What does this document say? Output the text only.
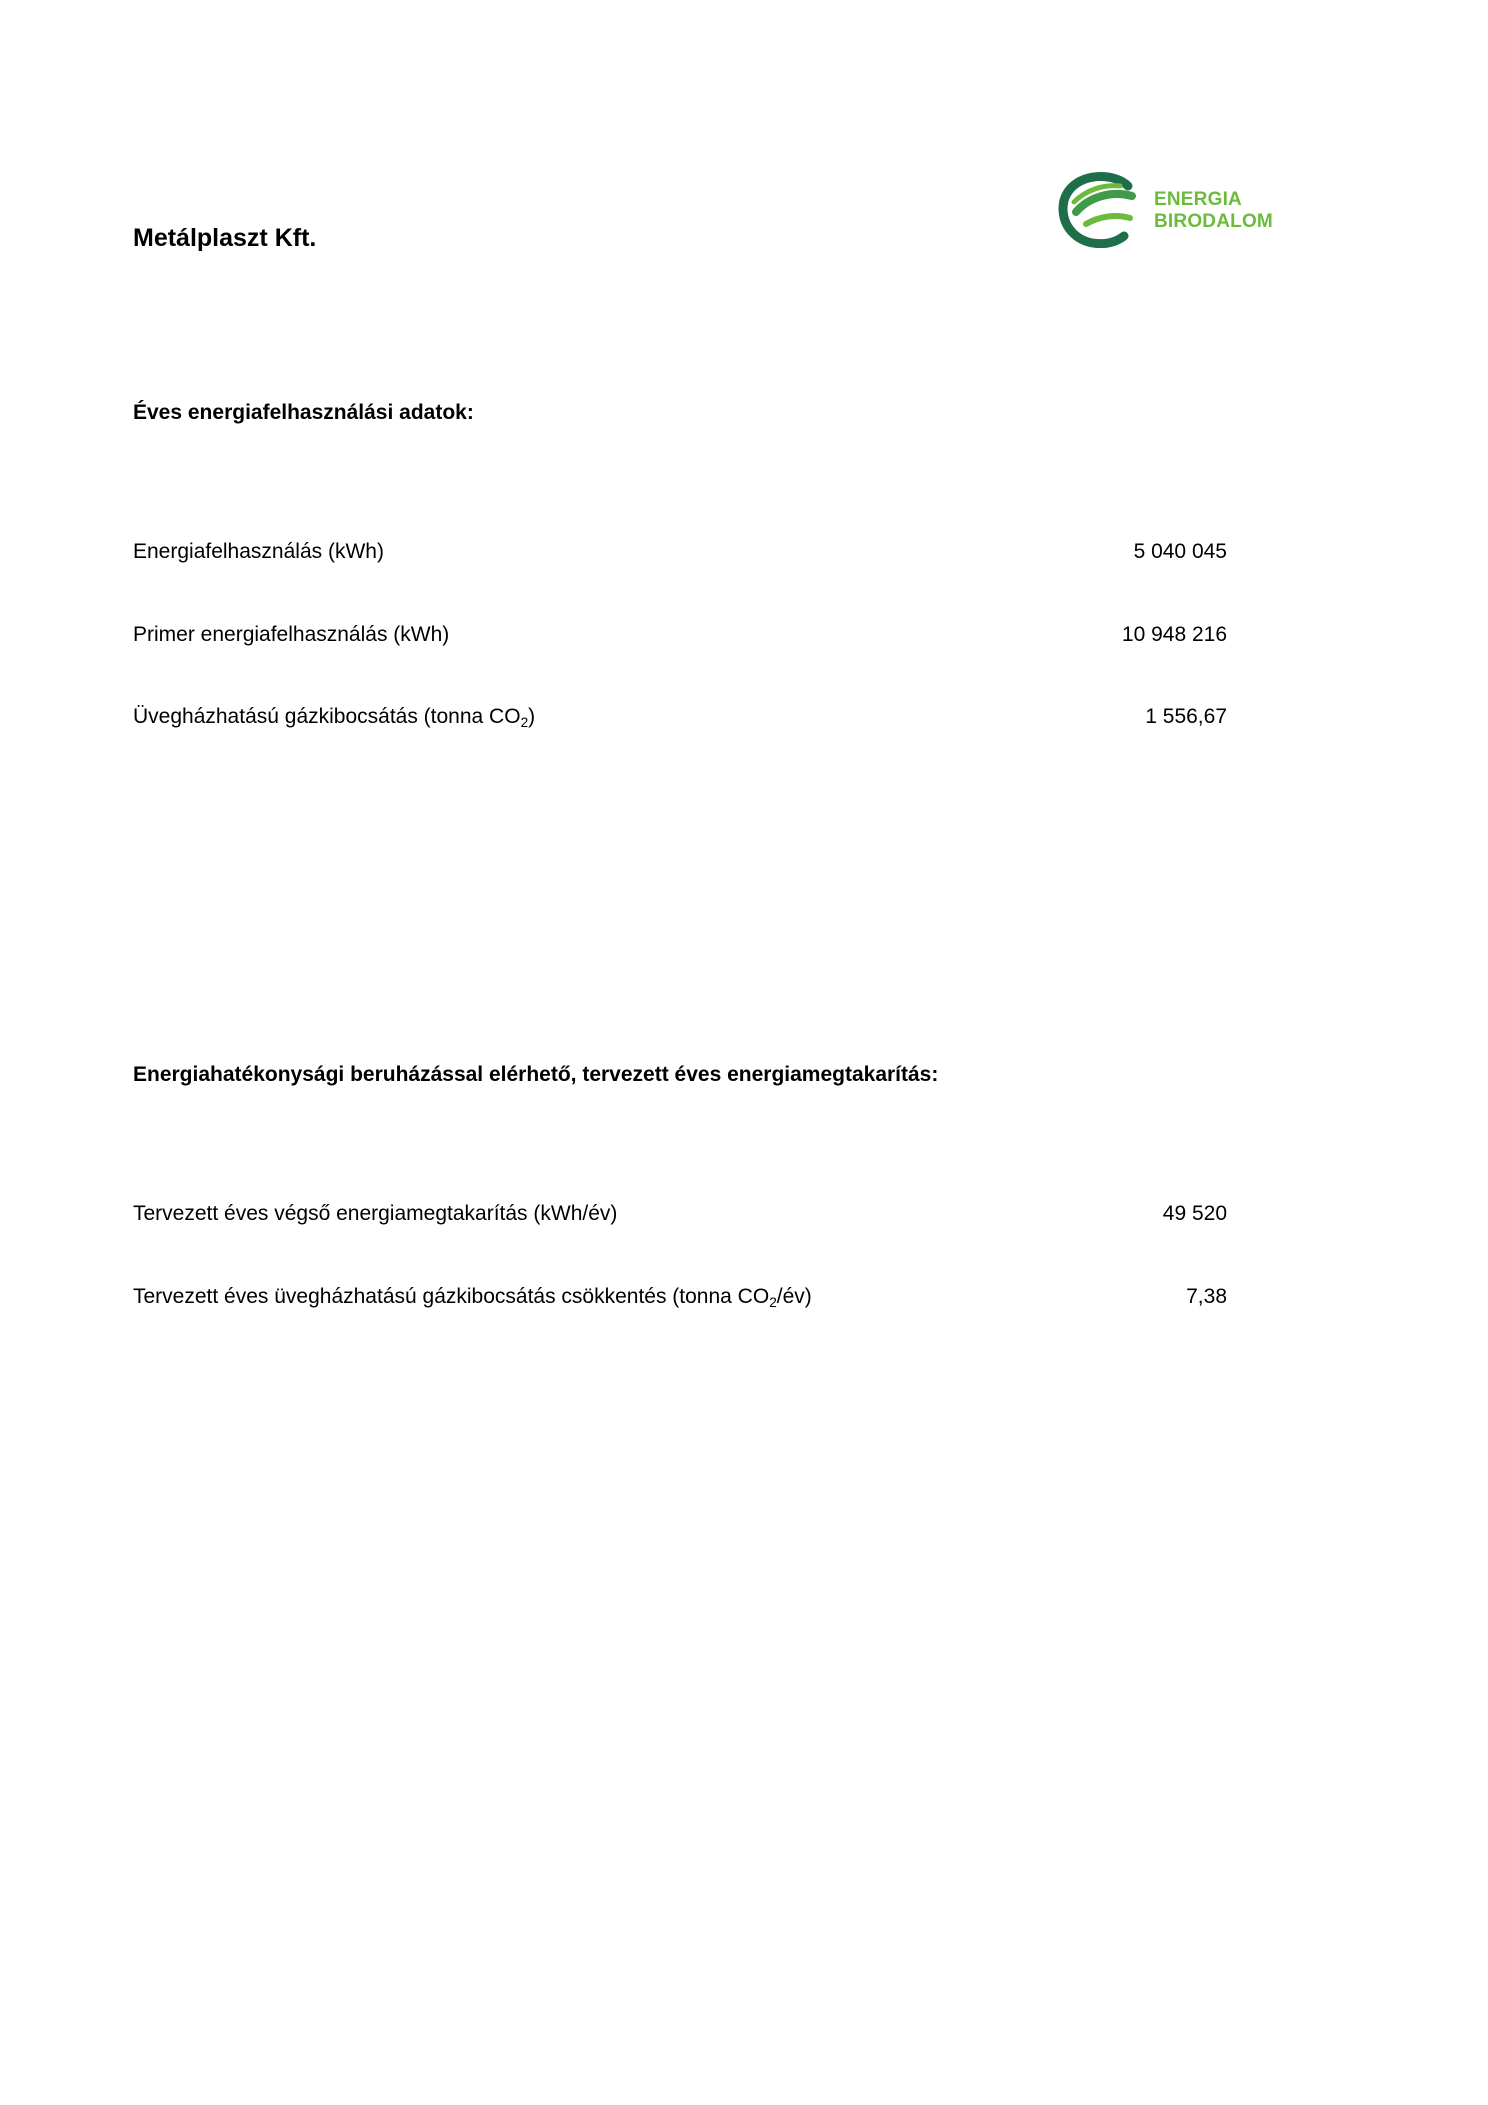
Metálplaszt Kft.
ENERGIA
BIRODALOM
Éves energiafelhasználási adatok:
Energiafelhasználás (kWh)	5 040 045
Primer energiafelhasználás (kWh)	10 948 216
Üvegházhatású gázkibocsátás (tonna $CO_2$)	1 556,67
Energiahatékonysági beruházással elérhető, tervezett éves energiamegtakarítás:
Tervezett éves végső energiamegtakarítás (kWh/év)	49 520
Tervezett éves üvegházhatású gázkibocsátás csökkentés (tonna $CO_2/év$)	7,38
